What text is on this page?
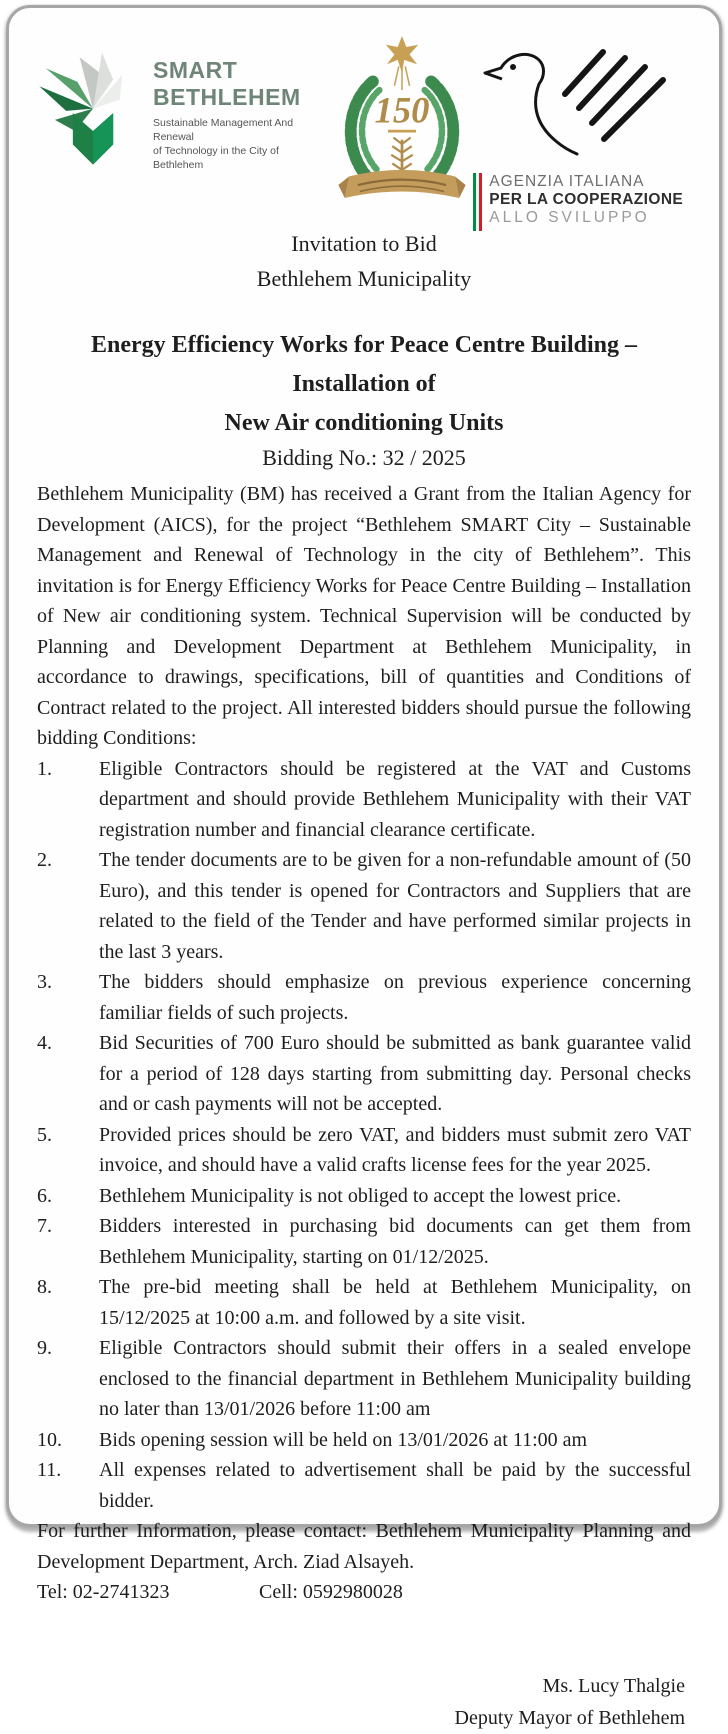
SMART BETHLEHEM
Sustainable Management And Renewal
of Technology in the City of Bethlehem
150
AGENZIA ITALIANA
PER LA COOPERAZIONE
ALLO SVILUPPO
Invitation to Bid
Bethlehem Municipality
Energy Efficiency Works for Peace Centre Building – Installation of
New Air conditioning Units
Bidding No.: 32 / 2025
Bethlehem Municipality (BM) has received a Grant from the Italian Agency for Development (AICS), for the project “Bethlehem SMART City – Sustainable Management and Renewal of Technology in the city of Bethlehem”. This invitation is for Energy Efficiency Works for Peace Centre Building – Installation of New air conditioning system. Technical Supervision will be conducted by Planning and Development Department at Bethlehem Municipality, in accordance to drawings, specifications, bill of quantities and Conditions of Contract related to the project. All interested bidders should pursue the following bidding Conditions:
1.	Eligible Contractors should be registered at the VAT and Customs department and should provide Bethlehem Municipality with their VAT registration number and financial clearance certificate.
2.	The tender documents are to be given for a non-refundable amount of (50 Euro), and this tender is opened for Contractors and Suppliers that are related to the field of the Tender and have performed similar projects in the last 3 years.
3.	The bidders should emphasize on previous experience concerning familiar fields of such projects.
4.	Bid Securities of 700 Euro should be submitted as bank guarantee valid for a period of 128 days starting from submitting day. Personal checks and or cash payments will not be accepted.
5.	Provided prices should be zero VAT, and bidders must submit zero VAT invoice, and should have a valid crafts license fees for the year 2025.
6.	Bethlehem Municipality is not obliged to accept the lowest price.
7.	Bidders interested in purchasing bid documents can get them from Bethlehem Municipality, starting on 01/12/2025.
8.	The pre-bid meeting shall be held at Bethlehem Municipality, on 15/12/2025 at 10:00 a.m. and followed by a site visit.
9.	Eligible Contractors should submit their offers in a sealed envelope enclosed to the financial department in Bethlehem Municipality building no later than 13/01/2026 before 11:00 am
10.	Bids opening session will be held on 13/01/2026 at 11:00 am
11.	All expenses related to advertisement shall be paid by the successful bidder.
For further Information, please contact: Bethlehem Municipality Planning and Development Department, Arch. Ziad Alsayeh.
Tel: 02-2741323	Cell: 0592980028
Ms. Lucy Thalgie
Deputy Mayor of Bethlehem
